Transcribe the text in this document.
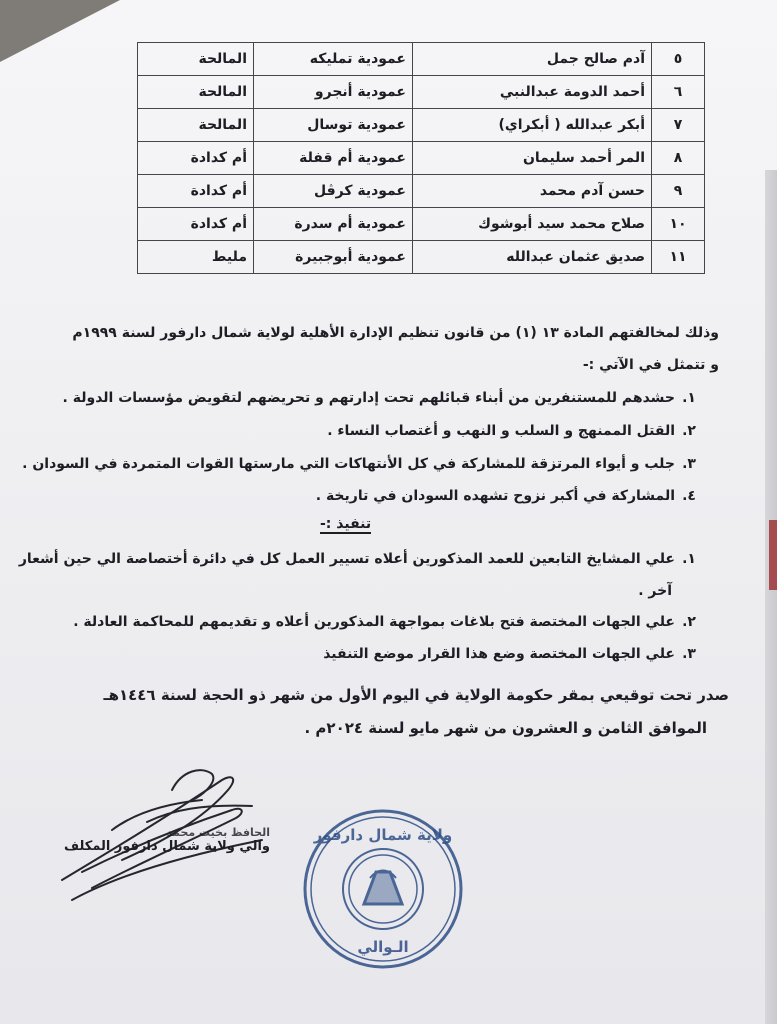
٥	آدم صالح جمل	عمودية تمليكه	المالحة
٦	أحمد الدومة عبدالنبي	عمودية أنجرو	المالحة
٧	أبكر عبدالله ( أبكراي)	عمودية توسال	المالحة
٨	المر أحمد سليمان	عمودية أم قفلة	أم كدادة
٩	حسن آدم محمد	عمودية كرڤل	أم كدادة
١٠	صلاح محمد سيد أبوشوك	عمودية أم سدرة	أم كدادة
١١	صديق عثمان عبدالله	عمودية أبوجبيرة	مليط
وذلك لمخالفتهم المادة ١٣ (١) من قانون تنظيم الإدارة الأهلية لولاية شمال دارفور لسنة ١٩٩٩م
و تتمثل في الآتي :-
١.حشدهم للمستنفرين من أبناء قبائلهم تحت إدارتهم و تحريضهم لتقويض مؤسسات الدولة .
٢.القتل الممنهج و السلب و النهب و أغتصاب النساء .
٣.جلب و أيواء المرتزقة للمشاركة في كل الأنتهاكات التي مارستها القوات المتمردة في السودان .
٤.المشاركة في أكبر نزوح تشهده السودان في تاريخة .
١.علي المشايخ التابعين للعمد المذكورين أعلاه تسيير العمل كل في دائرة أختصاصة الي حين أشعار
آخر .
٢.علي الجهات المختصة فتح بلاغات بمواجهة المذكورين أعلاه و تقديمهم للمحاكمة العادلة .
٣.علي الجهات المختصة وضع هذا القرار موضع التنفيذ
صدر تحت توقيعي بمقر حكومة الولاية في اليوم الأول من شهر ذو الحجة لسنة ١٤٤٦هـ
الموافق الثامن و العشرون من شهر مايو لسنة ٢٠٢٤م .
تنفيذ :-
الحافظ بخيت محمد
والي ولاية شمال دارفور المكلف
ولاية شمال دارفور
الـوالي
